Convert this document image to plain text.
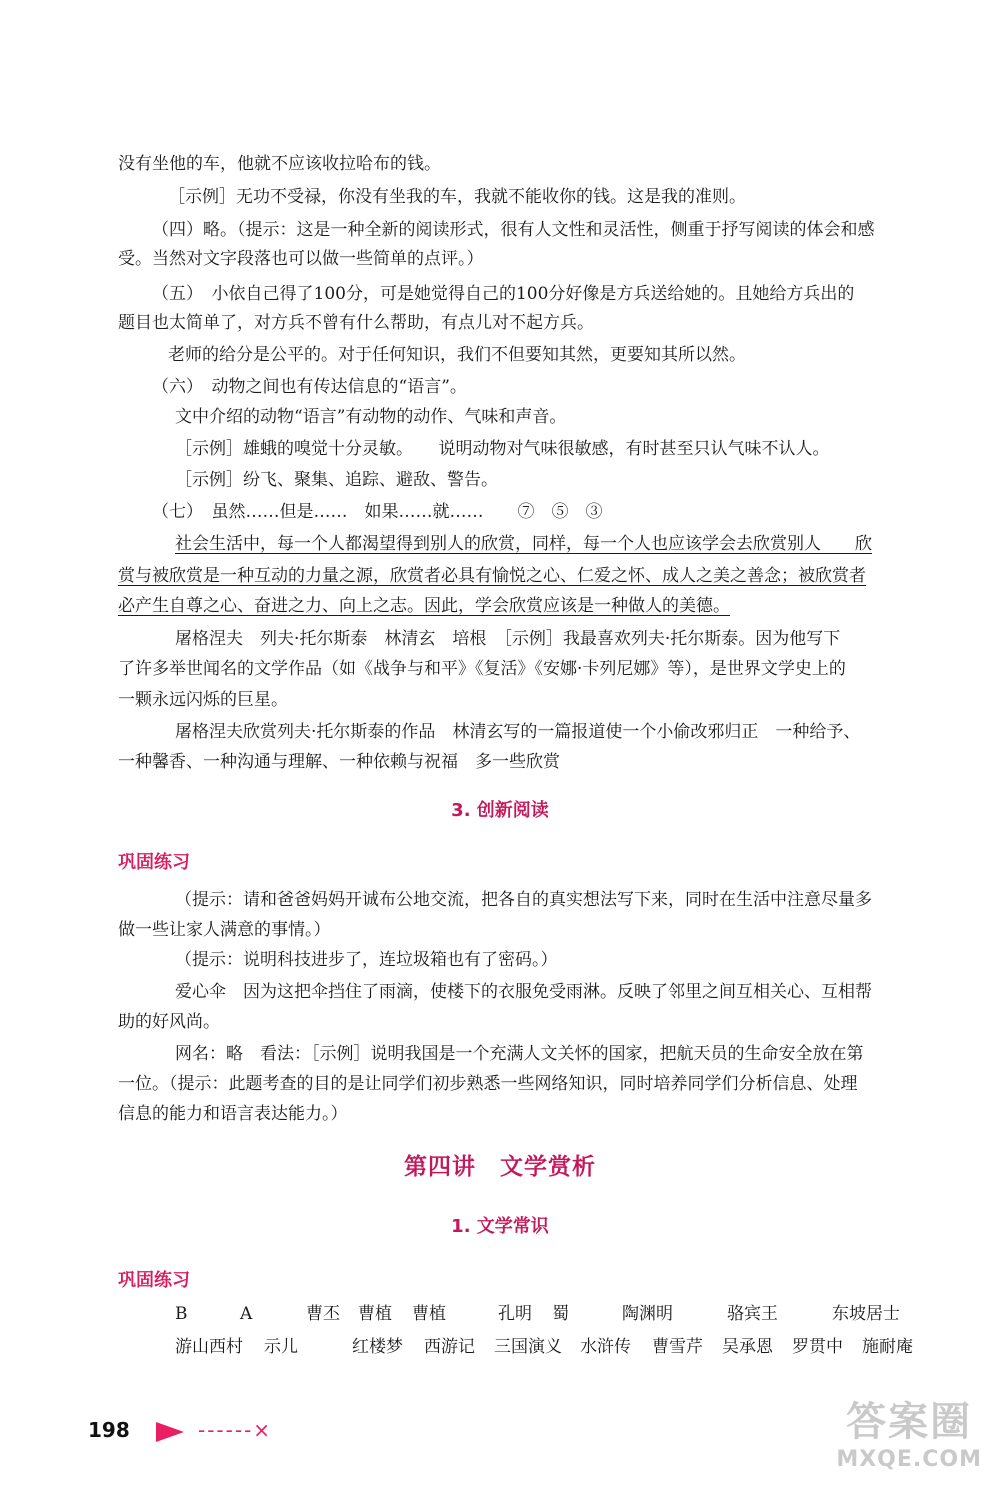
没有坐他的车，他就不应该收拉哈布的钱。
［示例］无功不受禄，你没有坐我的车，我就不能收你的钱。这是我的准则。
（四）略。（提示：这是一种全新的阅读形式，很有人文性和灵活性，侧重于抒写阅读的体会和感
受。当然对文字段落也可以做一些简单的点评。）
（五）　小依自己得了100分，可是她觉得自己的100分好像是方兵送给她的。且她给方兵出的
题目也太简单了，对方兵不曾有什么帮助，有点儿对不起方兵。
老师的给分是公平的。对于任何知识，我们不但要知其然，更要知其所以然。
（六）　动物之间也有传达信息的“语言”。
文中介绍的动物“语言”有动物的动作、气味和声音。
［示例］雄蛾的嗅觉十分灵敏。　　说明动物对气味很敏感，有时甚至只认气味不认人。
［示例］纷飞、聚集、追踪、避敌、警告。
（七）　虽然……但是……　如果……就……　　⑦　⑤　③
社会生活中，每一个人都渴望得到别人的欣赏，同样，每一个人也应该学会去欣赏别人　　欣
赏与被欣赏是一种互动的力量之源，欣赏者必具有愉悦之心、仁爱之怀、成人之美之善念；被欣赏者
必产生自尊之心、奋进之力、向上之志。因此，学会欣赏应该是一种做人的美德。
屠格涅夫　列夫·托尔斯泰　林清玄　培根　［示例］我最喜欢列夫·托尔斯泰。因为他写下
了许多举世闻名的文学作品（如《战争与和平》《复活》《安娜·卡列尼娜》等），是世界文学史上的
一颗永远闪烁的巨星。
屠格涅夫欣赏列夫·托尔斯泰的作品　林清玄写的一篇报道使一个小偷改邪归正　一种给予、
一种馨香、一种沟通与理解、一种依赖与祝福　多一些欣赏
3. 创新阅读
巩固练习
（提示：请和爸爸妈妈开诚布公地交流，把各自的真实想法写下来，同时在生活中注意尽量多
做一些让家人满意的事情。）
（提示：说明科技进步了，连垃圾箱也有了密码。）
爱心伞　因为这把伞挡住了雨滴，使楼下的衣服免受雨淋。反映了邻里之间互相关心、互相帮
助的好风尚。
网名：略　看法：［示例］说明我国是一个充满人文关怀的国家，把航天员的生命安全放在第
一位。（提示：此题考查的目的是让同学们初步熟悉一些网络知识，同时培养同学们分析信息、处理
信息的能力和语言表达能力。）
第四讲　文学赏析
1. 文学常识
巩固练习
B	A	曹丕 曹植 曹植	孔明 蜀	陶渊明	骆宾王	东坡居士
游山西村 示儿	红楼梦 西游记 三国演义 水浒传 曹雪芹 吴承恩 罗贯中 施耐庵
198	------×	答案圈
MXQE.COM
